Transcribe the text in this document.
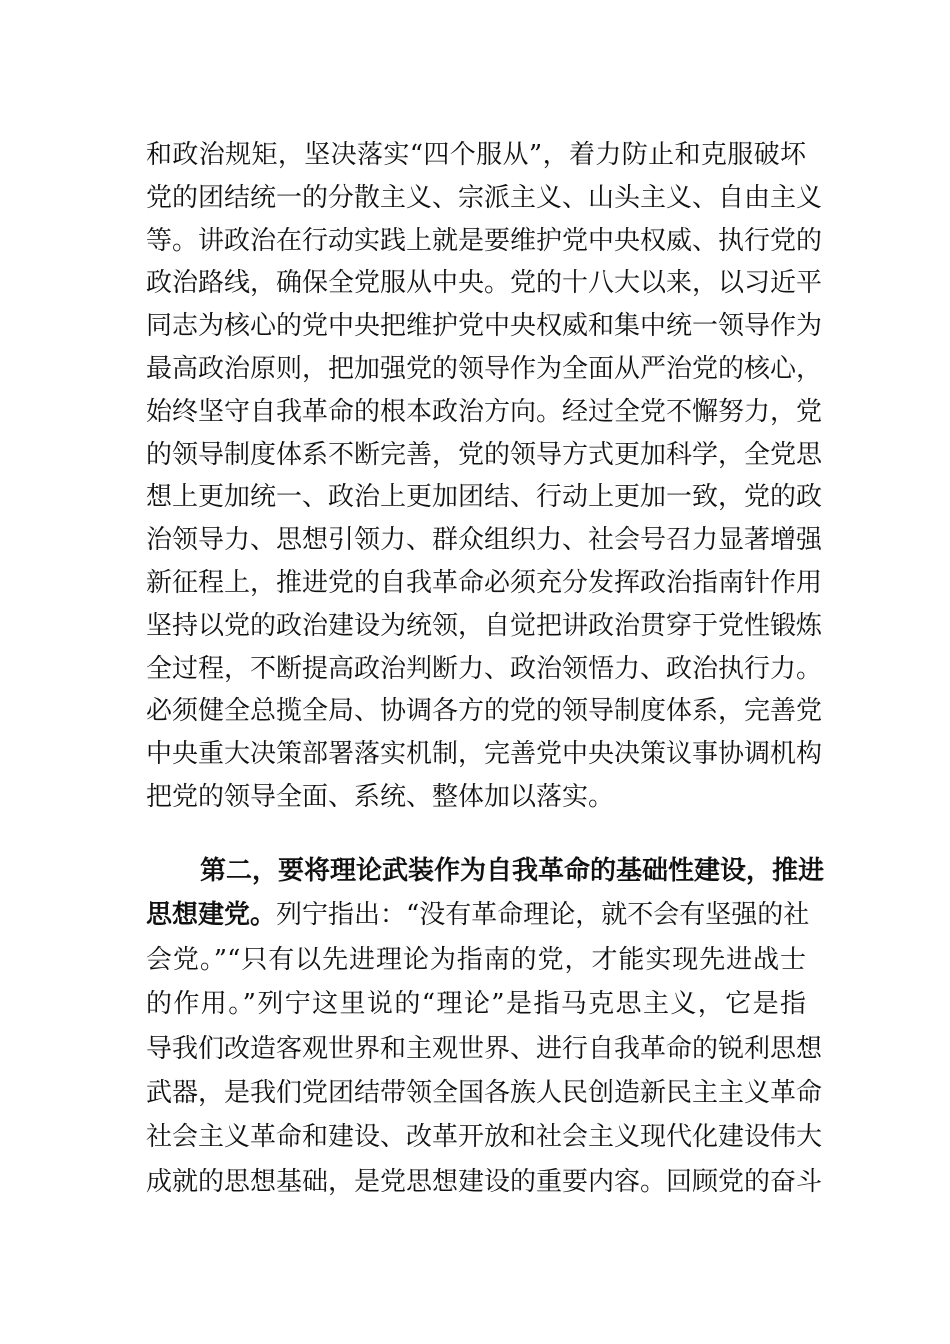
和政治规矩，坚决落实“四个服从”，着力防止和克服破坏
党的团结统一的分散主义、宗派主义、山头主义、自由主义
等。讲政治在行动实践上就是要维护党中央权威、执行党的
政治路线，确保全党服从中央。党的十八大以来，以习近平
同志为核心的党中央把维护党中央权威和集中统一领导作为
最高政治原则，把加强党的领导作为全面从严治党的核心，
始终坚守自我革命的根本政治方向。经过全党不懈努力，党
的领导制度体系不断完善，党的领导方式更加科学，全党思
想上更加统一、政治上更加团结、行动上更加一致，党的政
治领导力、思想引领力、群众组织力、社会号召力显著增强
新征程上，推进党的自我革命必须充分发挥政治指南针作用
坚持以党的政治建设为统领，自觉把讲政治贯穿于党性锻炼
全过程，不断提高政治判断力、政治领悟力、政治执行力。
必须健全总揽全局、协调各方的党的领导制度体系，完善党
中央重大决策部署落实机制，完善党中央决策议事协调机构
把党的领导全面、系统、整体加以落实。
第二，要将理论武装作为自我革命的基础性建设，推进
思想建党。列宁指出：“没有革命理论，就不会有坚强的社
会党。”“只有以先进理论为指南的党，才能实现先进战士
的作用。”列宁这里说的“理论”是指马克思主义，它是指
导我们改造客观世界和主观世界、进行自我革命的锐利思想
武器，是我们党团结带领全国各族人民创造新民主主义革命
社会主义革命和建设、改革开放和社会主义现代化建设伟大
成就的思想基础，是党思想建设的重要内容。回顾党的奋斗
